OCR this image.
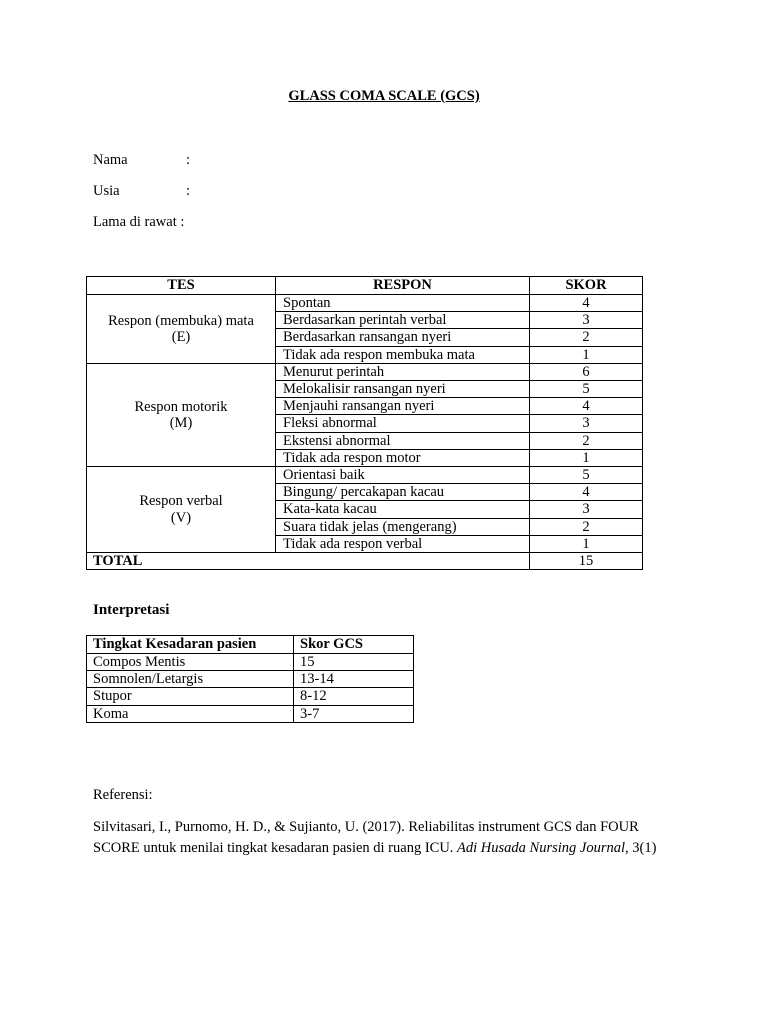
GLASS COMA SCALE (GCS)
Nama	:
Usia	:
Lama di rawat :
TES	RESPON	SKOR
Respon (membuka) mata
(E)	Spontan	4
	Berdasarkan perintah verbal	3
	Berdasarkan ransangan nyeri	2
	Tidak ada respon membuka mata	1
Respon motorik
(M)	Menurut perintah	6
	Melokalisir ransangan nyeri	5
	Menjauhi ransangan nyeri	4
	Fleksi abnormal	3
	Ekstensi abnormal	2
	Tidak ada respon motor	1
Respon verbal
(V)	Orientasi baik	5
	Bingung/ percakapan kacau	4
	Kata-kata kacau	3
	Suara tidak jelas (mengerang)	2
	Tidak ada respon verbal	1
TOTAL		15
Interpretasi
Tingkat Kesadaran pasien	Skor GCS
Compos Mentis	15
Somnolen/Letargis	13-14
Stupor	8-12
Koma	3-7
Referensi:
Silvitasari, I., Purnomo, H. D., & Sujianto, U. (2017). Reliabilitas instrument GCS dan FOUR SCORE untuk menilai tingkat kesadaran pasien di ruang ICU. Adi Husada Nursing Journal, 3(1)
